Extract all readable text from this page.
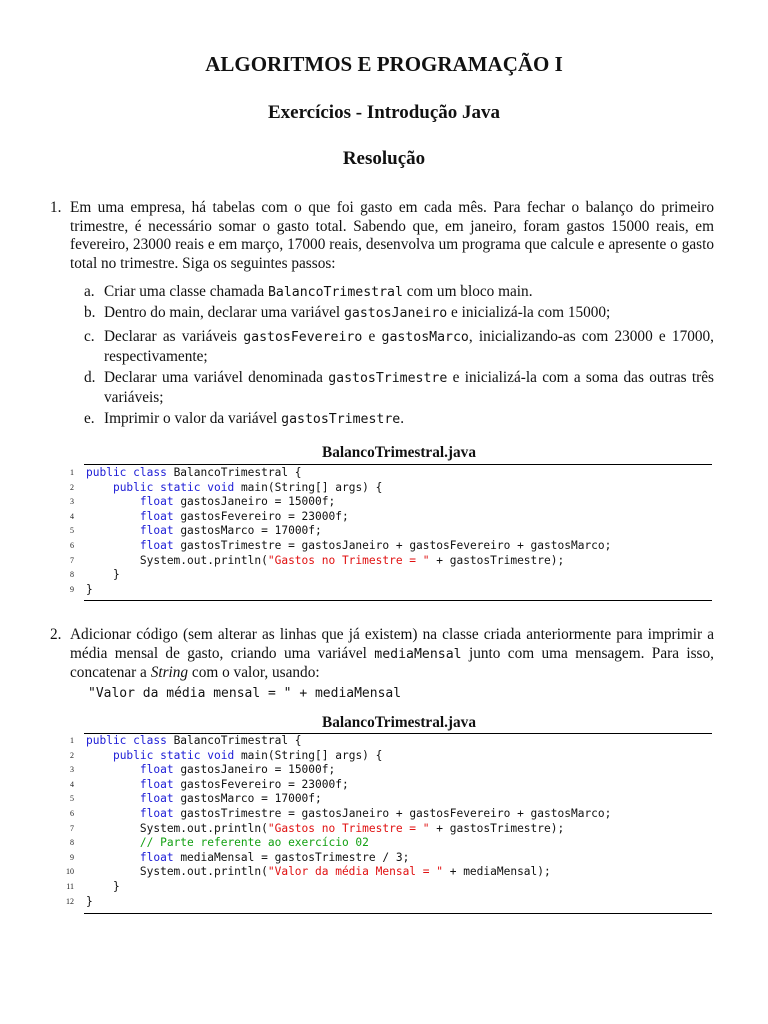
ALGORITMOS E PROGRAMAÇÃO I
Exercícios - Introdução Java
Resolução
1. Em uma empresa, há tabelas com o que foi gasto em cada mês. Para fechar o balanço do primeiro trimestre, é necessário somar o gasto total. Sabendo que, em janeiro, foram gastos 15000 reais, em fevereiro, 23000 reais e em março, 17000 reais, desenvolva um programa que calcule e apresente o gasto total no trimestre. Siga os seguintes passos:
a. Criar uma classe chamada BalancoTrimestral com um bloco main.
b. Dentro do main, declarar uma variável gastosJaneiro e inicializá-la com 15000;
c. Declarar as variáveis gastosFevereiro e gastosMarco, inicializando-as com 23000 e 17000, respectivamente;
d. Declarar uma variável denominada gastosTrimestre e inicializá-la com a soma das outras três variáveis;
e. Imprimir o valor da variável gastosTrimestre.
BalancoTrimestral.java
1 public class BalancoTrimestral {
2	public static void main(String[] args) {
3	float gastosJaneiro = 15000f;
4	float gastosFevereiro = 23000f;
5	float gastosMarco = 17000f;
6	float gastosTrimestre = gastosJaneiro + gastosFevereiro + gastosMarco;
7 System.out.println("Gastos no Trimestre = " + gastosTrimestre);
8 }
9 }
2. Adicionar código (sem alterar as linhas que já existem) na classe criada anteriormente para imprimir a média mensal de gasto, criando uma variável mediaMensal junto com uma mensagem. Para isso, concatenar a String com o valor, usando:
"Valor da média mensal = " + mediaMensal
BalancoTrimestral.java
1 public class BalancoTrimestral {
2	public static void main(String[] args) {
3	float gastosJaneiro = 15000f;
4	float gastosFevereiro = 23000f;
5	float gastosMarco = 17000f;
6	float gastosTrimestre = gastosJaneiro + gastosFevereiro + gastosMarco;
7 System.out.println("Gastos no Trimestre = " + gastosTrimestre);
8	// Parte referente ao exercício 02
9	float mediaMensal = gastosTrimestre / 3;
10 System.out.println("Valor da média Mensal = " + mediaMensal);
11 }
12 }
